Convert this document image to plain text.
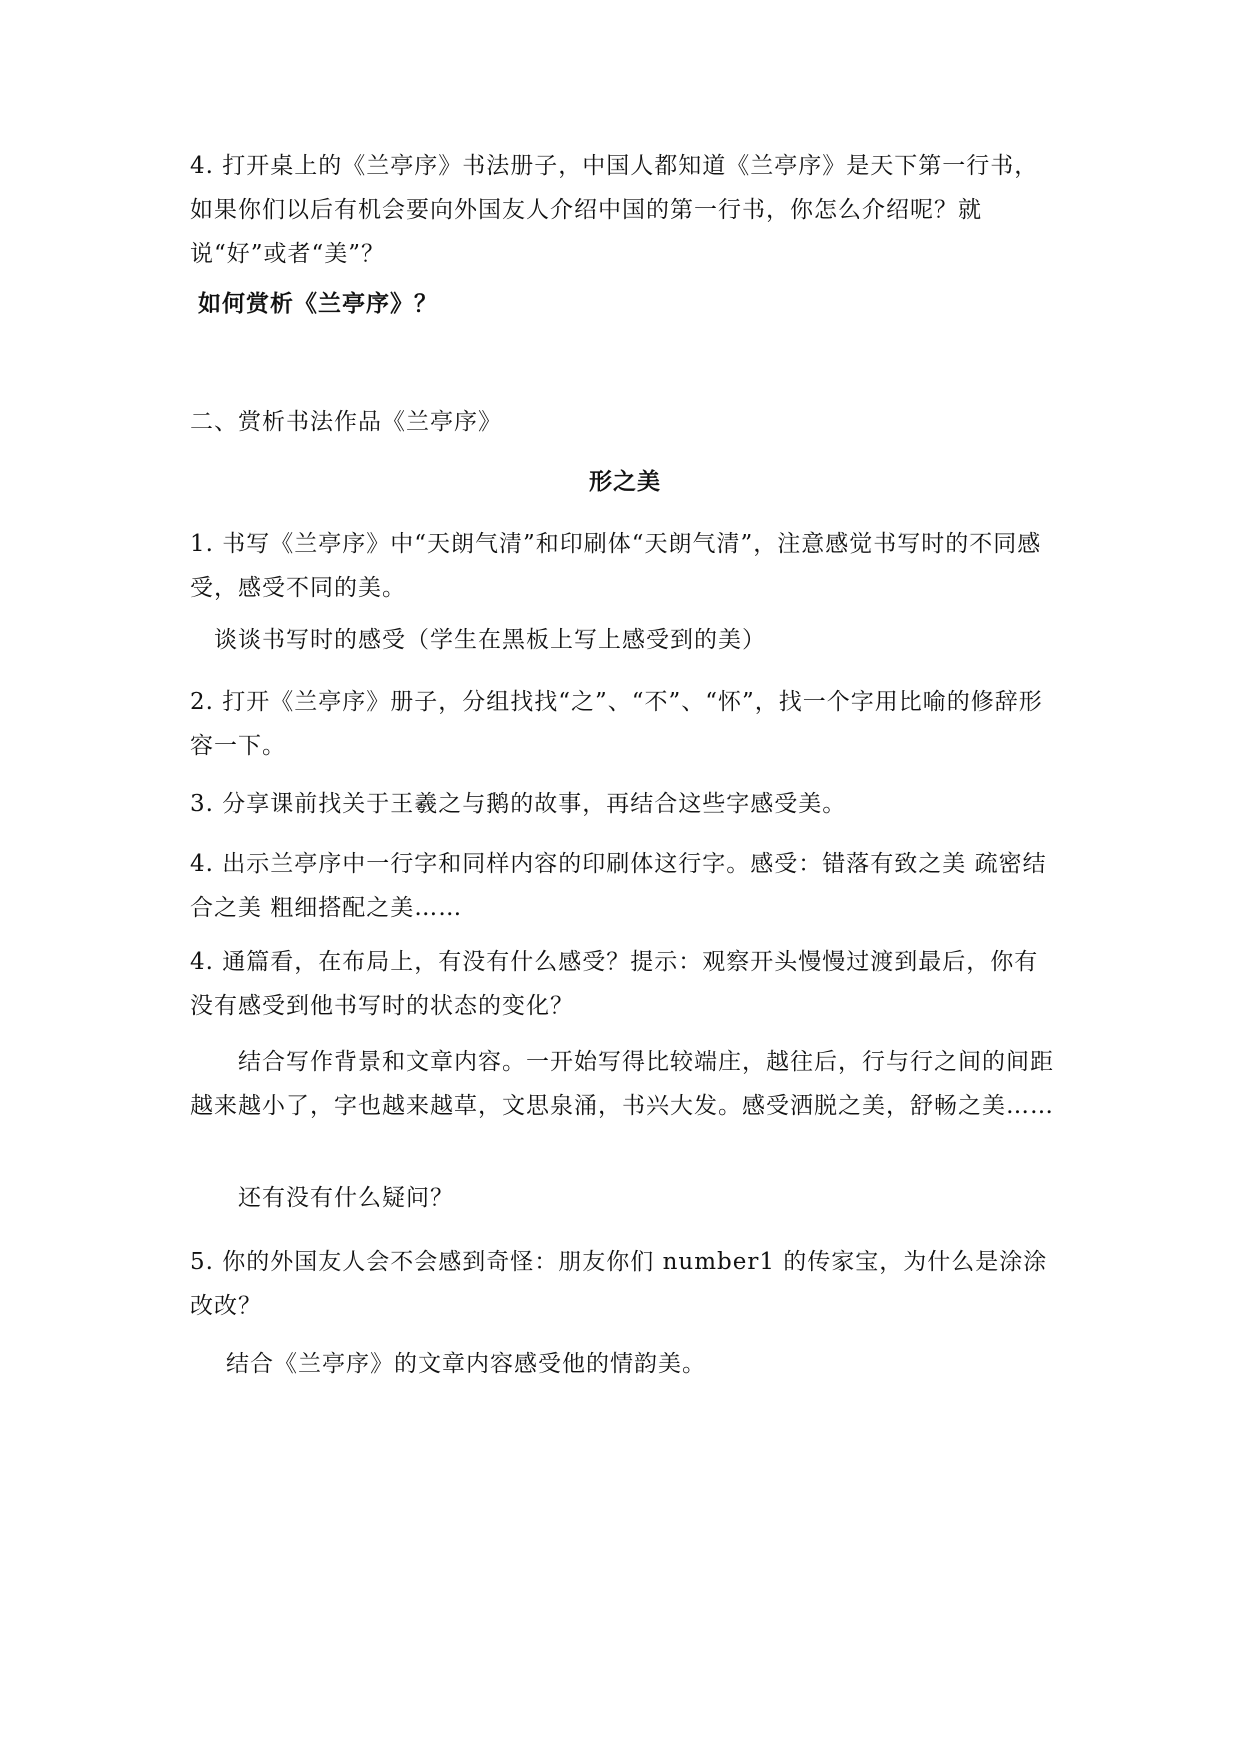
4. 打开桌上的《兰亭序》书法册子，中国人都知道《兰亭序》是天下第一行书，如果你们以后有机会要向外国友人介绍中国的第一行书，你怎么介绍呢？就说“好”或者“美”？

如何赏析《兰亭序》？

二、赏析书法作品《兰亭序》

形之美

1. 书写《兰亭序》中“天朗气清”和印刷体“天朗气清”，注意感觉书写时的不同感受，感受不同的美。

谈谈书写时的感受（学生在黑板上写上感受到的美）

2. 打开《兰亭序》册子，分组找找“之”、“不”、“怀”，找一个字用比喻的修辞形容一下。

3. 分享课前找关于王羲之与鹅的故事，再结合这些字感受美。

4. 出示兰亭序中一行字和同样内容的印刷体这行字。感受：错落有致之美 疏密结合之美 粗细搭配之美……

4. 通篇看，在布局上，有没有什么感受？提示：观察开头慢慢过渡到最后，你有没有感受到他书写时的状态的变化？

结合写作背景和文章内容。一开始写得比较端庄，越往后，行与行之间的间距越来越小了，字也越来越草，文思泉涌，书兴大发。感受洒脱之美，舒畅之美……

还有没有什么疑问？

5. 你的外国友人会不会感到奇怪：朋友你们 number1 的传家宝，为什么是涂涂改改？

结合《兰亭序》的文章内容感受他的情韵美。
